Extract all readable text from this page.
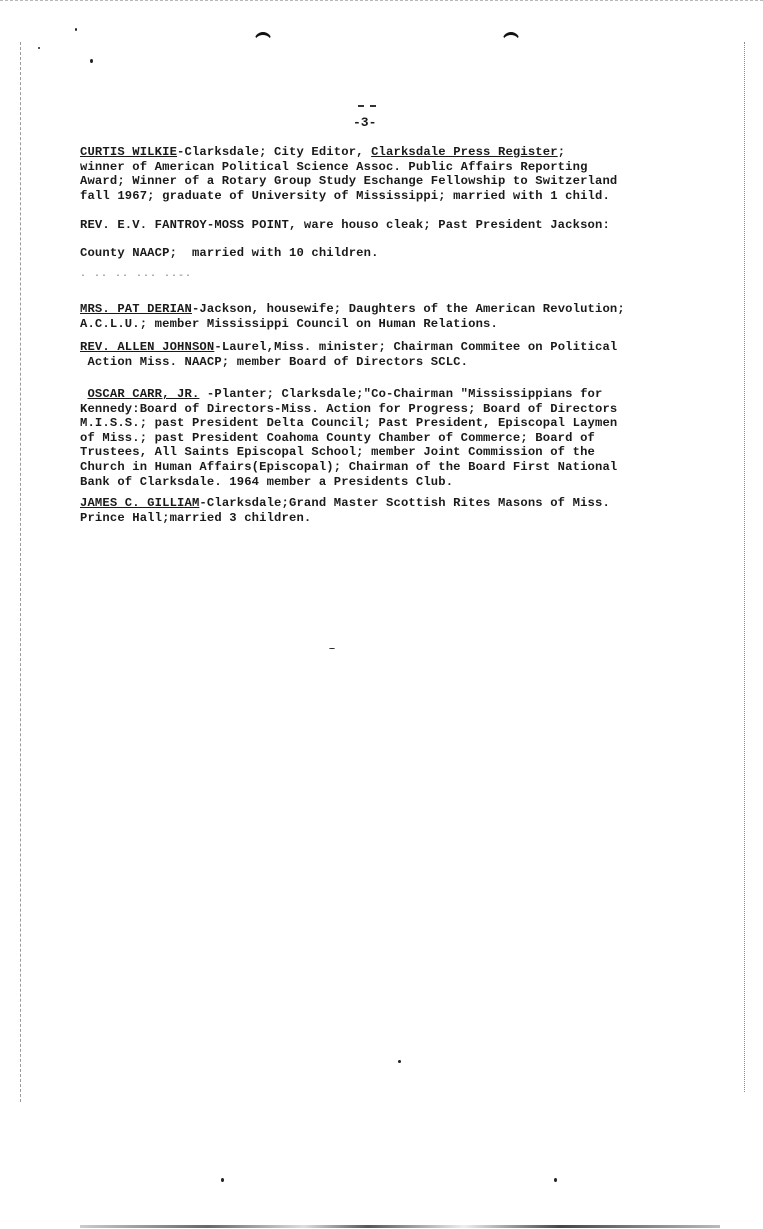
-3-
CURTIS WILKIE-Clarksdale; City Editor, Clarksdale Press Register;
winner of American Political Science Assoc. Public Affairs Reporting
Award; Winner of a Rotary Group Study Eschange Fellowship to Switzerland
fall 1967; graduate of University of Mississippi; married with 1 child.
REV. E.V. FANTROY-MOSS POINT, ware houso cleak; Past President Jackson:
County NAACP;  married with 10 children.
· ·· ·· ··· ··-·
MRS. PAT DERIAN-Jackson, housewife; Daughters of the American Revolution;
A.C.L.U.; member Mississippi Council on Human Relations.
REV. ALLEN JOHNSON-Laurel,Miss. minister; Chairman Commitee on Political
Action Miss. NAACP; member Board of Directors SCLC.
OSCAR CARR, JR. -Planter; Clarksdale;"Co-Chairman "Mississippians for
Kennedy:Board of Directors-Miss. Action for Progress; Board of Directors
M.I.S.S.; past President Delta Council; Past President, Episcopal Laymen
of Miss.; past President Coahoma County Chamber of Commerce; Board of
Trustees, All Saints Episcopal School; member Joint Commission of the
Church in Human Affairs(Episcopal); Chairman of the Board First National
Bank of Clarksdale. 1964 member a Presidents Club.
JAMES C. GILLIAM-Clarksdale;Grand Master Scottish Rites Masons of Miss.
Prince Hall;married 3 children.
